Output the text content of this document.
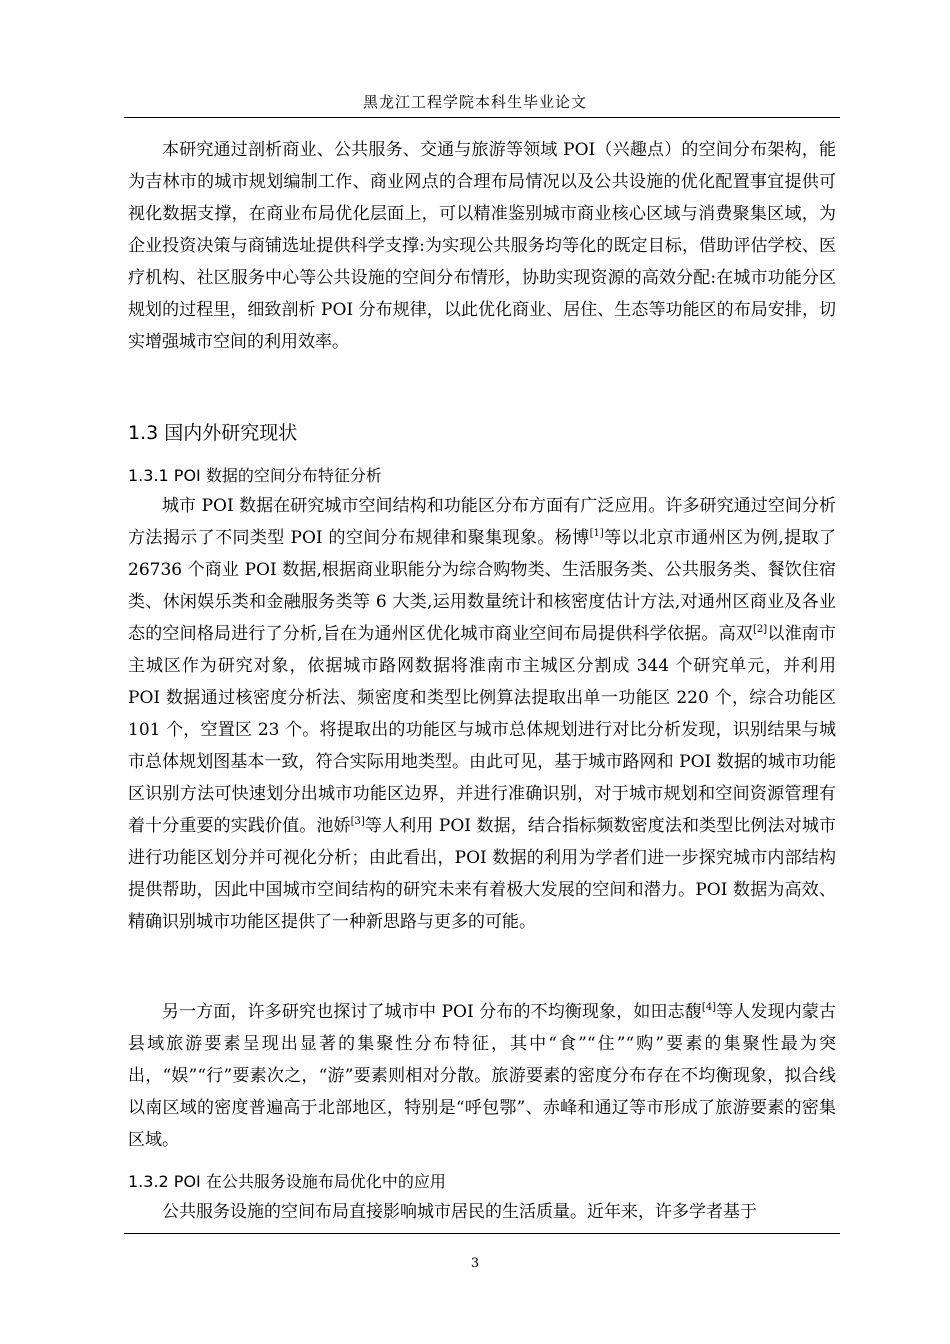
黑龙江工程学院本科生毕业论文

本研究通过剖析商业、公共服务、交通与旅游等领域 POI（兴趣点）的空间分布架构，能为吉林市的城市规划编制工作、商业网点的合理布局情况以及公共设施的优化配置事宜提供可视化数据支撑，在商业布局优化层面上，可以精准鉴别城市商业核心区域与消费聚集区域，为企业投资决策与商铺选址提供科学支撑:为实现公共服务均等化的既定目标，借助评估学校、医疗机构、社区服务中心等公共设施的空间分布情形，协助实现资源的高效分配:在城市功能分区规划的过程里，细致剖析 POI 分布规律，以此优化商业、居住、生态等功能区的布局安排，切实增强城市空间的利用效率。

1.3 国内外研究现状
1.3.1 POI 数据的空间分布特征分析

城市 POI 数据在研究城市空间结构和功能区分布方面有广泛应用。许多研究通过空间分析方法揭示了不同类型 POI 的空间分布规律和聚集现象。杨博[1]等以北京市通州区为例,提取了 26736 个商业 POI 数据,根据商业职能分为综合购物类、生活服务类、公共服务类、餐饮住宿类、休闲娱乐类和金融服务类等 6 大类,运用数量统计和核密度估计方法,对通州区商业及各业态的空间格局进行了分析,旨在为通州区优化城市商业空间布局提供科学依据。高双[2]以淮南市主城区作为研究对象，依据城市路网数据将淮南市主城区分割成 344 个研究单元，并利用 POI 数据通过核密度分析法、频密度和类型比例算法提取出单一功能区 220 个，综合功能区 101 个，空置区 23 个。将提取出的功能区与城市总体规划进行对比分析发现，识别结果与城市总体规划图基本一致，符合实际用地类型。由此可见，基于城市路网和 POI 数据的城市功能区识别方法可快速划分出城市功能区边界，并进行准确识别，对于城市规划和空间资源管理有着十分重要的实践价值。池娇[3]等人利用 POI 数据，结合指标频数密度法和类型比例法对城市进行功能区划分并可视化分析；由此看出，POI 数据的利用为学者们进一步探究城市内部结构提供帮助，因此中国城市空间结构的研究未来有着极大发展的空间和潜力。POI 数据为高效、精确识别城市功能区提供了一种新思路与更多的可能。

另一方面，许多研究也探讨了城市中 POI 分布的不均衡现象，如田志馥[4]等人发现内蒙古县域旅游要素呈现出显著的集聚性分布特征，其中“食”“住”“购”要素的集聚性最为突出，“娱”“行”要素次之，“游”要素则相对分散。旅游要素的密度分布存在不均衡现象，拟合线以南区域的密度普遍高于北部地区，特别是“呼包鄂”、赤峰和通辽等市形成了旅游要素的密集区域。

1.3.2 POI 在公共服务设施布局优化中的应用

公共服务设施的空间布局直接影响城市居民的生活质量。近年来，许多学者基于

3
